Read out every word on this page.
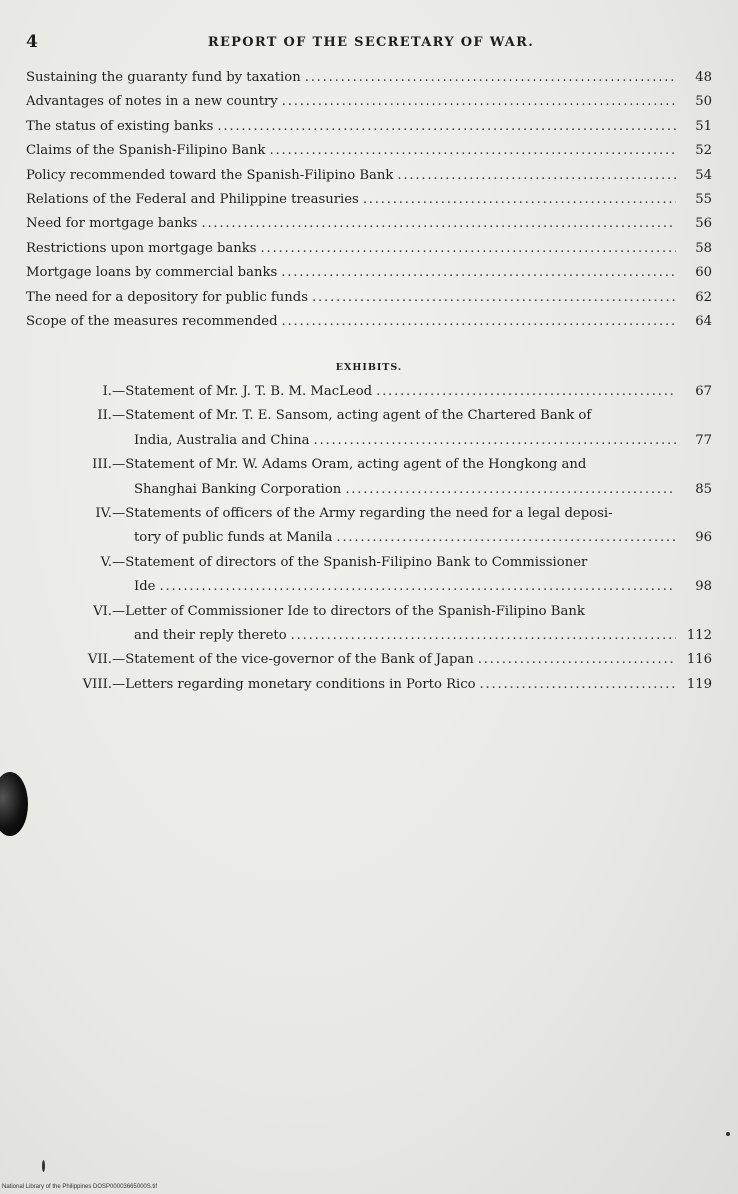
4	REPORT OF THE SECRETARY OF WAR.
Sustaining the guaranty fund by taxation .....	48
Advantages of notes in a new country .....	50
The status of existing banks .....	51
Claims of the Spanish-Filipino Bank .....	52
Policy recommended toward the Spanish-Filipino Bank .....	54
Relations of the Federal and Philippine treasuries .....	55
Need for mortgage banks .....	56
Restrictions upon mortgage banks .....	58
Mortgage loans by commercial banks .....	60
The need for a depository for public funds .....	62
Scope of the measures recommended .....	64
EXHIBITS.
I. — Statement of Mr. J. T. B. M. MacLeod .....	67
II. — Statement of Mr. T. E. Sansom, acting agent of the Chartered Bank of
India, Australia and China .....	77
III. — Statement of Mr. W. Adams Oram, acting agent of the Hongkong and
Shanghai Banking Corporation .....	85
IV. — Statements of officers of the Army regarding the need for a legal deposi-
tory of public funds at Manila .....	96
V. — Statement of directors of the Spanish-Filipino Bank to Commissioner
Ide .....	98
VI. — Letter of Commissioner Ide to directors of the Spanish-Filipino Bank
and their reply thereto .....	112
VII. — Statement of the vice-governor of the Bank of Japan .....	116
VIII. — Letters regarding monetary conditions in Porto Rico .....	119
National Library of the Philippines DOSP00003665000S.tif
